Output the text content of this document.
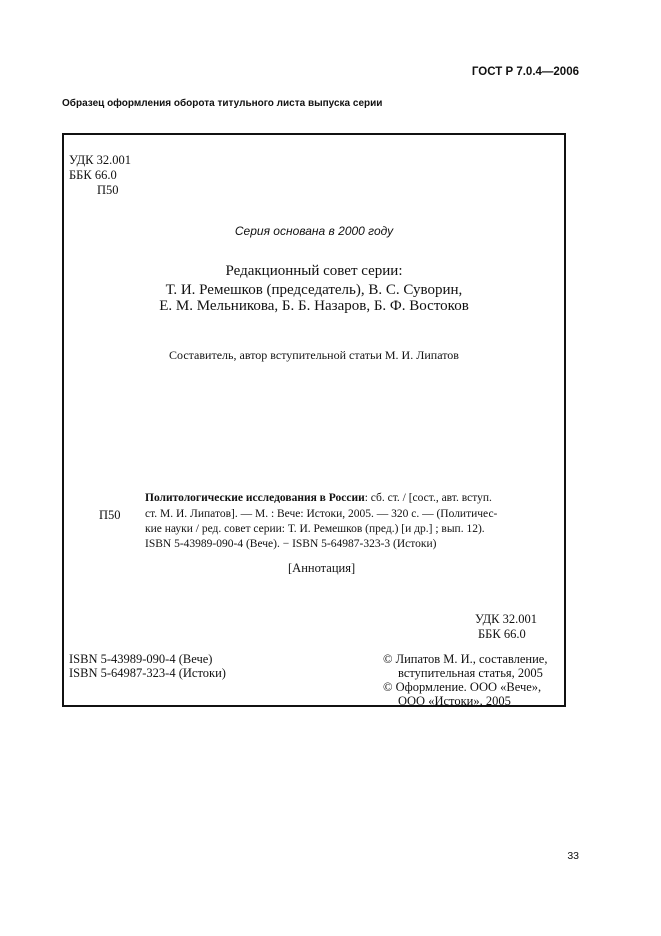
ГОСТ Р 7.0.4—2006
Образец оформления оборота титульного листа выпуска серии
УДК 32.001
ББК 66.0
П50
Серия основана в 2000 году
Редакционный совет серии:
Т. И. Ремешков (председатель), В. С. Суворин,
Е. М. Мельникова, Б. Б. Назаров, Б. Ф. Востоков
Составитель, автор вступительной статьи М. И. Липатов
П50
Политологические исследования в России: сб. ст. / [сост., авт. вступ.
ст. М. И. Липатов]. — М. : Вече: Истоки, 2005. — 320 с. — (Политичес-
кие науки / ред. совет серии: Т. И. Ремешков (пред.) [и др.] ; вып. 12).
ISBN 5-43989-090-4 (Вече). − ISBN 5-64987-323-3 (Истоки)
[Аннотация]
УДК 32.001
ББК 66.0
ISBN 5-43989-090-4 (Вече)
ISBN 5-64987-323-4 (Истоки)
© Липатов М. И., составление,
вступительная статья, 2005
© Оформление. ООО «Вече»,
ООО «Истоки», 2005
33
